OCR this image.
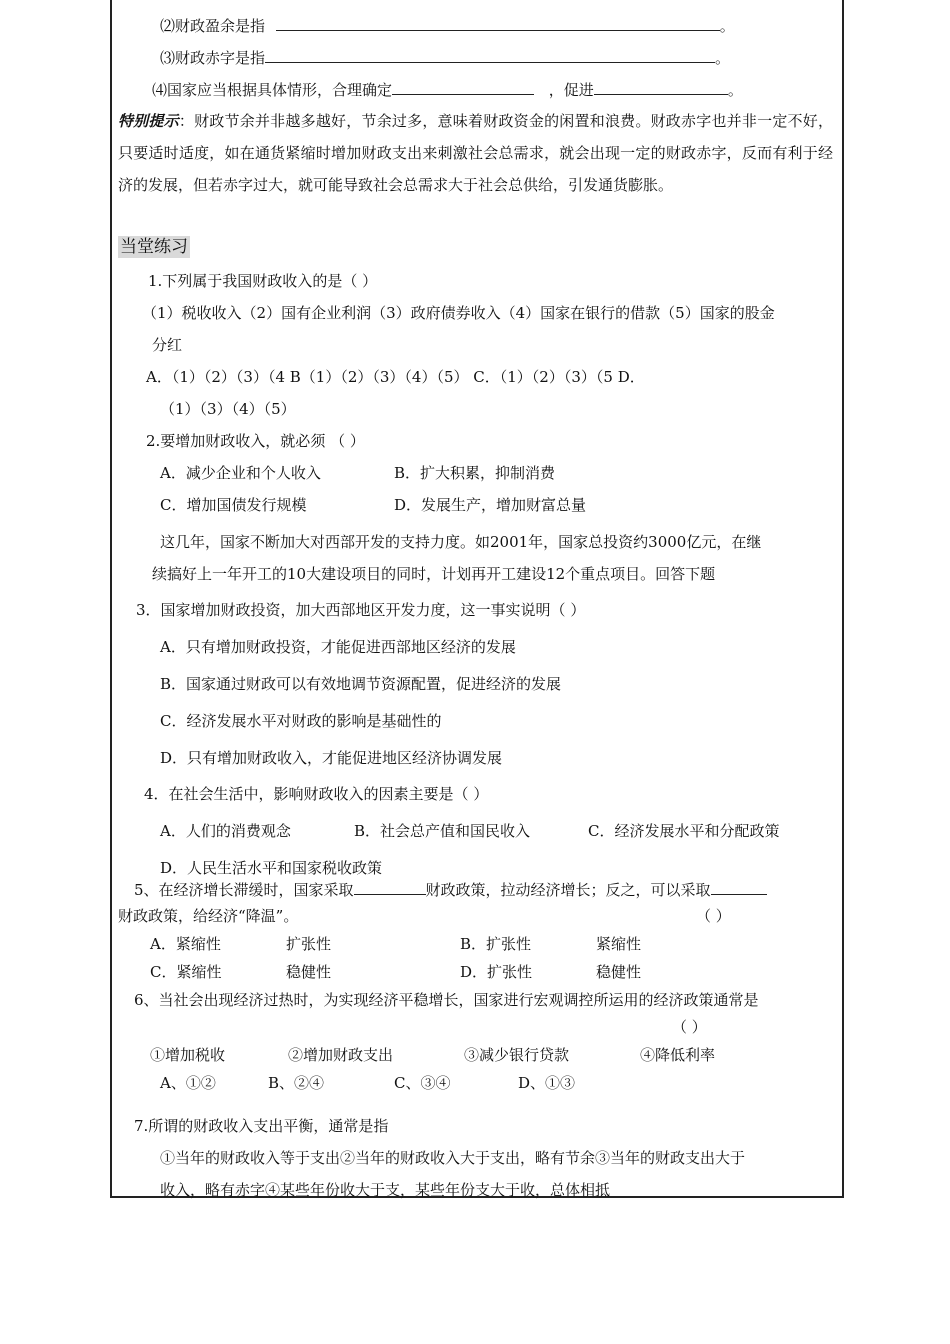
⑵财政盈余是指	。
⑶财政赤字是指	。
⑷国家应当根据具体情形，合理确定	，促进	。
特别提示：财政节余并非越多越好，节余过多，意味着财政资金的闲置和浪费。财政赤字也并非一定不好，只要适时适度，如在通货紧缩时增加财政支出来刺激社会总需求，就会出现一定的财政赤字，反而有利于经济的发展，但若赤字过大，就可能导致社会总需求大于社会总供给，引发通货膨胀。
当堂练习
1.下列属于我国财政收入的是（ ）
（1）税收收入（2）国有企业利润（3）政府债券收入（4）国家在银行的借款（5）国家的股金
分红
A．（1）（2）（3）（4 B（1）（2）（3）（4）（5） C．（1）（2）（3）（5 D．
（1）（3）（4）（5）
2.要增加财政收入，就必须 （ ）
A．减少企业和个人收入	B．扩大积累，抑制消费
C．增加国债发行规模	D．发展生产，增加财富总量
这几年，国家不断加大对西部开发的支持力度。如2001年，国家总投资约3000亿元，在继
续搞好上一年开工的10大建设项目的同时，计划再开工建设12个重点项目。回答下题
3．国家增加财政投资，加大西部地区开发力度，这一事实说明（ ）
A．只有增加财政投资，才能促进西部地区经济的发展
B．国家通过财政可以有效地调节资源配置，促进经济的发展
C．经济发展水平对财政的影响是基础性的
D．只有增加财政收入，才能促进地区经济协调发展
4．在社会生活中，影响财政收入的因素主要是（ ）
A．人们的消费观念	B．社会总产值和国民收入	C．经济发展水平和分配政策
D．人民生活水平和国家税收政策
5、在经济增长滞缓时，国家采取	财政政策，拉动经济增长；反之，可以采取
财政政策，给经济“降温”。	（ ）
A．紧缩性	扩张性	B．扩张性	紧缩性
C．紧缩性	稳健性	D．扩张性	稳健性
6、当社会出现经济过热时，为实现经济平稳增长，国家进行宏观调控所运用的经济政策通常是
（ ）
①增加税收	②增加财政支出	③减少银行贷款	④降低利率
A、①②	B、②④	C、③④	D、①③
7.所谓的财政收入支出平衡，通常是指
①当年的财政收入等于支出②当年的财政收入大于支出，略有节余③当年的财政支出大于
收入，略有赤字④某些年份收大于支，某些年份支大于收，总体相抵
